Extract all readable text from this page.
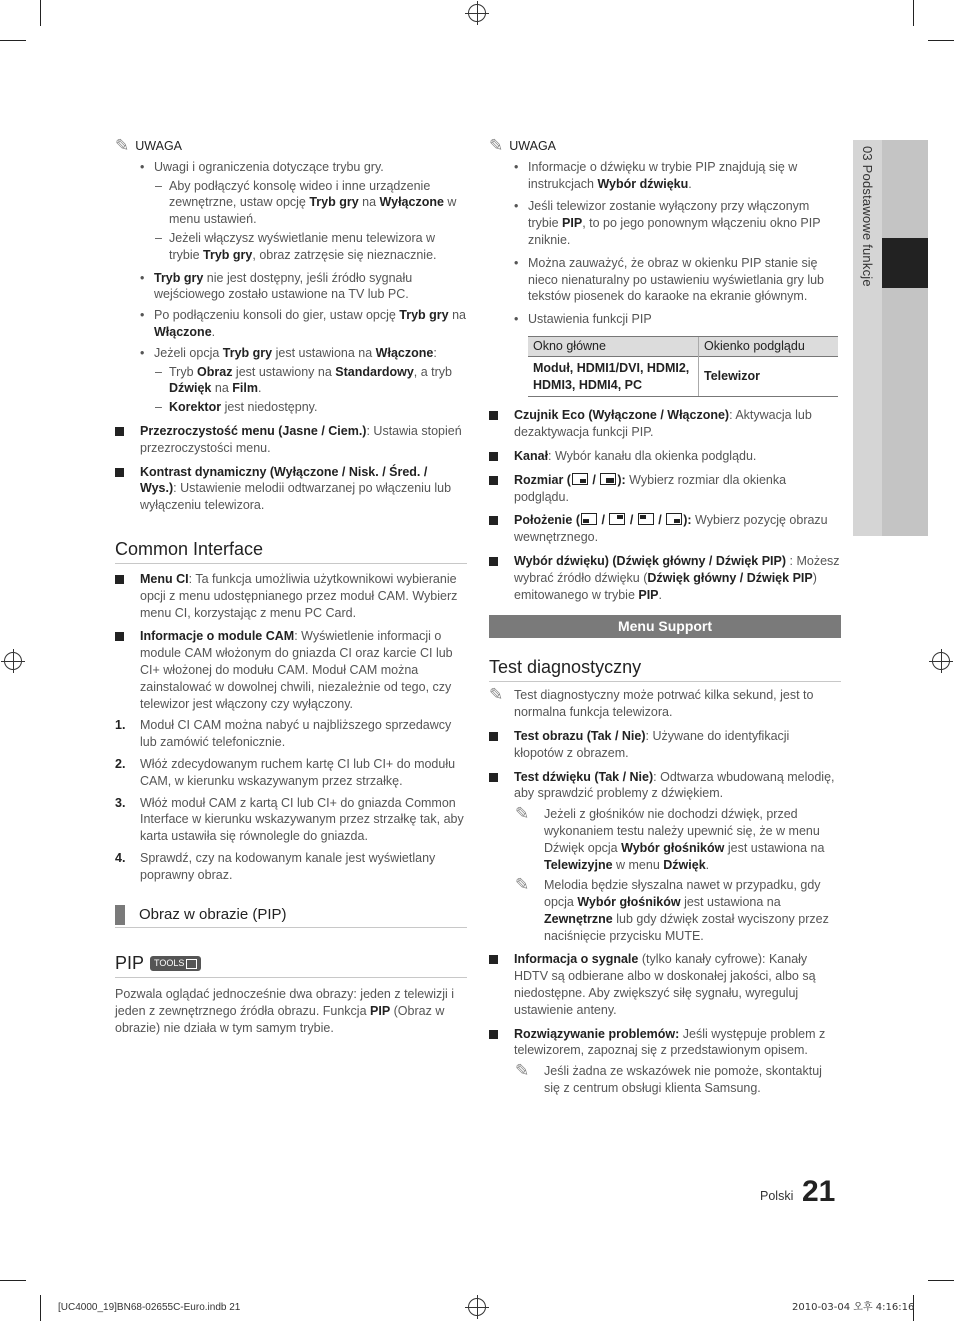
03 Podstawowe funkcje
✎ UWAGA
• Uwagi i ograniczenia dotyczące trybu gry.
– Aby podłączyć konsolę wideo i inne urządzenie zewnętrzne, ustaw opcję Tryb gry na Wyłączone w menu ustawień.
– Jeżeli włączysz wyświetlanie menu telewizora w trybie Tryb gry, obraz zatrzęsie się nieznacznie.
• Tryb gry nie jest dostępny, jeśli źródło sygnału wejściowego zostało ustawione na TV lub PC.
• Po podłączeniu konsoli do gier, ustaw opcję Tryb gry na Włączone.
• Jeżeli opcja Tryb gry jest ustawiona na Włączone:
– Tryb Obraz jest ustawiony na Standardowy, a tryb Dźwięk na Film.
– Korektor jest niedostępny.
Przezroczystość menu (Jasne / Ciem.): Ustawia stopień przezroczystości menu.
Kontrast dynamiczny (Wyłączone / Nisk. / Śred. / Wys.): Ustawienie melodii odtwarzanej po włączeniu lub wyłączeniu telewizora.
Common Interface
Menu CI: Ta funkcja umożliwia użytkownikowi wybieranie opcji z menu udostępnianego przez moduł CAM. Wybierz menu CI, korzystając z menu PC Card.
Informacje o module CAM: Wyświetlenie informacji o module CAM włożonym do gniazda CI oraz karcie CI lub CI+ włożonej do modułu CAM. Moduł CAM można zainstalować w dowolnej chwili, niezależnie od tego, czy telewizor jest włączony czy wyłączony.
1. Moduł CI CAM można nabyć u najbliższego sprzedawcy lub zamówić telefonicznie.
2. Włóż zdecydowanym ruchem kartę CI lub CI+ do modułu CAM, w kierunku wskazywanym przez strzałkę.
3. Włóż moduł CAM z kartą CI lub CI+ do gniazda Common Interface w kierunku wskazywanym przez strzałkę tak, aby karta ustawiła się równolegle do gniazda.
4. Sprawdź, czy na kodowanym kanale jest wyświetlany poprawny obraz.
Obraz w obrazie (PIP)
PIP TOOLS
Pozwala oglądać jednocześnie dwa obrazy: jeden z telewizji i jeden z zewnętrznego źródła obrazu. Funkcja PIP (Obraz w obrazie) nie działa w tym samym trybie.
✎ UWAGA
• Informacje o dźwięku w trybie PIP znajdują się w instrukcjach Wybór dźwięku.
• Jeśli telewizor zostanie wyłączony przy włączonym trybie PIP, to po jego ponownym włączeniu okno PIP zniknie.
• Można zauważyć, że obraz w okienku PIP stanie się nieco nienaturalny po ustawieniu wyświetlania gry lub tekstów piosenek do karaoke na ekranie głównym.
• Ustawienia funkcji PIP
Okno główne	Okienko podglądu
Moduł, HDMI1/DVI, HDMI2, HDMI3, HDMI4, PC	Telewizor
Czujnik Eco (Wyłączone / Włączone): Aktywacja lub dezaktywacja funkcji PIP.
Kanał: Wybór kanału dla okienka podglądu.
Rozmiar (
/
): Wybierz rozmiar dla okienka podglądu.
Położenie (
/
/
/
): Wybierz pozycję obrazu wewnętrznego.
Wybór dźwięku) (Dźwięk główny / Dźwięk PIP) : Możesz wybrać źródło dźwięku (Dźwięk główny / Dźwięk PIP) emitowanego w trybie PIP.
Menu Support
Test diagnostyczny
✎ Test diagnostyczny może potrwać kilka sekund, jest to normalna funkcja telewizora.
Test obrazu (Tak / Nie): Używane do identyfikacji kłopotów z obrazem.
Test dźwięku (Tak / Nie): Odtwarza wbudowaną melodię, aby sprawdzić problemy z dźwiękiem.
✎ Jeżeli z głośników nie dochodzi dźwięk, przed wykonaniem testu należy upewnić się, że w menu Dźwięk opcja Wybór głośników jest ustawiona na Telewizyjne w menu Dźwięk.
✎ Melodia będzie słyszalna nawet w przypadku, gdy opcja Wybór głośników jest ustawiona na Zewnętrzne lub gdy dźwięk został wyciszony przez naciśnięcie przycisku MUTE.
Informacja o sygnale (tylko kanały cyfrowe): Kanały HDTV są odbierane albo w doskonałej jakości, albo są niedostępne. Aby zwiększyć siłę sygnału, wyreguluj ustawienie anteny.
Rozwiązywanie problemów: Jeśli występuje problem z telewizorem, zapoznaj się z przedstawionym opisem.
✎ Jeśli żadna ze wskazówek nie pomoże, skontaktuj się z centrum obsługi klienta Samsung.
Polski 21
[UC4000_19]BN68-02655C-Euro.indb 21	2010-03-04 오후 4:16:16
